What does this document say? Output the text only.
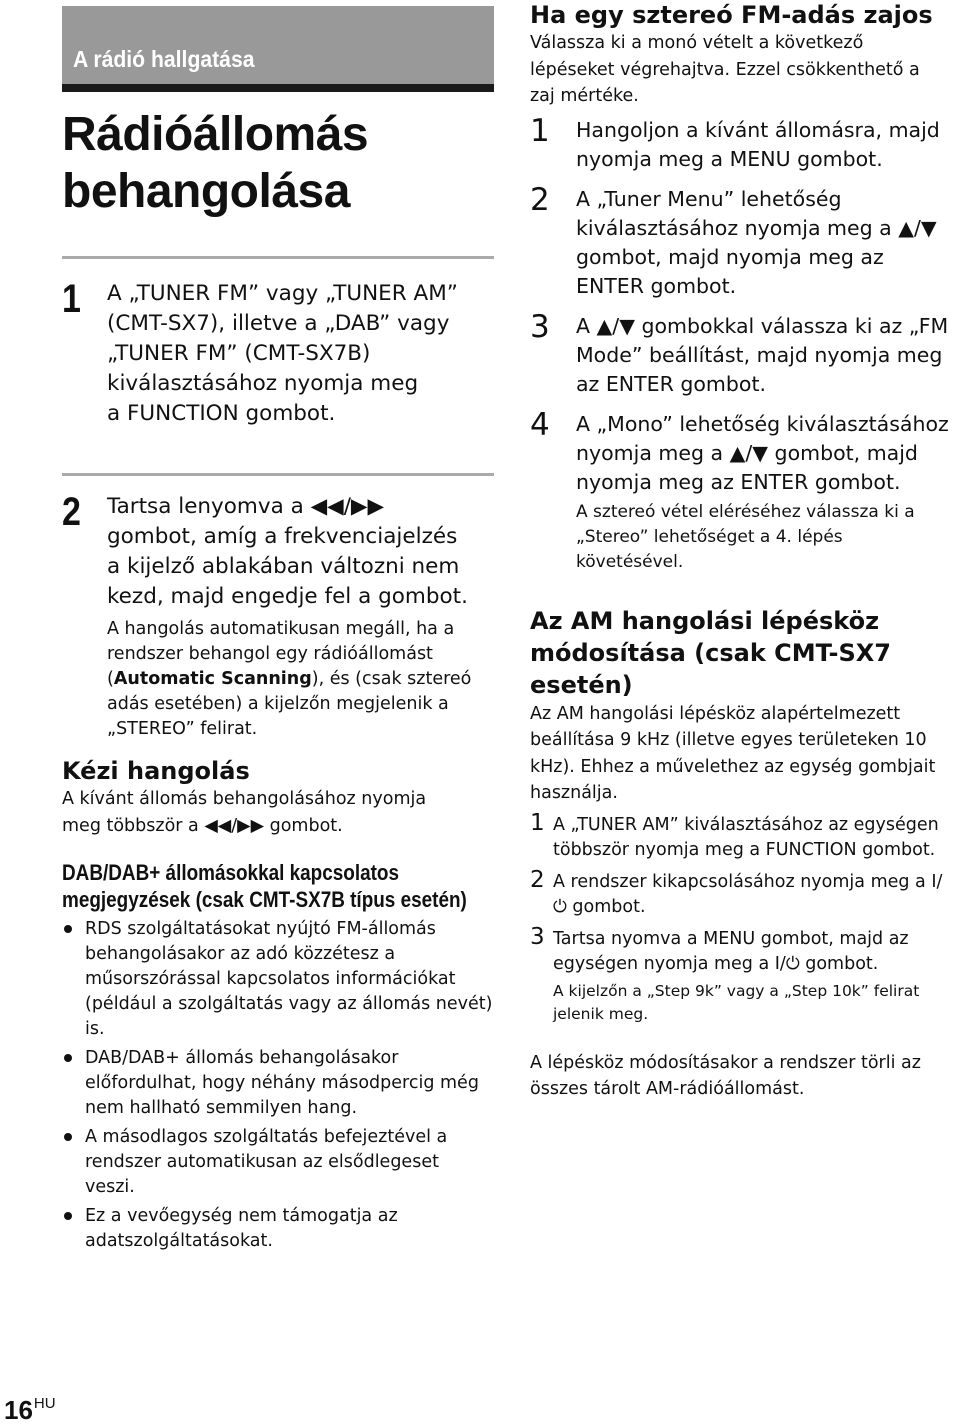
A rádió hallgatása
Rádióállomás
behangolása
1 A „TUNER FM” vagy „TUNER AM”
(CMT-SX7), illetve a „DAB” vagy
„TUNER FM” (CMT-SX7B)
kiválasztásához nyomja meg
a FUNCTION gombot.
2 Tartsa lenyomva a ◀◀/▶▶
gombot, amíg a frekvenciajelzés
a kijelző ablakában változni nem
kezd, majd engedje fel a gombot.
A hangolás automatikusan megáll, ha a rendszer behangol egy rádióállomást (Automatic Scanning), és (csak sztereó adás esetében) a kijelzőn megjelenik a „STEREO” felirat.
Kézi hangolás
A kívánt állomás behangolásához nyomja
meg többször a ◀◀/▶▶ gombot.
DAB/DAB+ állomásokkal kapcsolatos
megjegyzések (csak CMT-SX7B típus esetén)
RDS szolgáltatásokat nyújtó FM-állomás behangolásakor az adó közzétesz a műsorszórással kapcsolatos információkat (például a szolgáltatás vagy az állomás nevét) is.
DAB/DAB+ állomás behangolásakor előfordulhat, hogy néhány másodpercig még nem hallható semmilyen hang.
A másodlagos szolgáltatás befejeztével a rendszer automatikusan az elsődlegeset veszi.
Ez a vevőegység nem támogatja az adatszolgáltatásokat.
Ha egy sztereó FM-adás zajos
Válassza ki a monó vételt a következő lépéseket végrehajtva. Ezzel csökkenthető a zaj mértéke.
1 Hangoljon a kívánt állomásra, majd nyomja meg a MENU gombot.
2 A „Tuner Menu” lehetőség kiválasztásához nyomja meg a ▲/▼ gombot, majd nyomja meg az ENTER gombot.
3 A ▲/▼ gombokkal válassza ki az „FM Mode” beállítást, majd nyomja meg az ENTER gombot.
4 A „Mono” lehetőség kiválasztásához nyomja meg a ▲/▼ gombot, majd nyomja meg az ENTER gombot.
A sztereó vétel eléréséhez válassza ki a „Stereo” lehetőséget a 4. lépés követésével.
Az AM hangolási lépésköz
módosítása (csak CMT-SX7
esetén)
Az AM hangolási lépésköz alapértelmezett beállítása 9 kHz (illetve egyes területeken 10 kHz). Ehhez a művelethez az egység gombjait használja.
1 A „TUNER AM” kiválasztásához az egységen többször nyomja meg a FUNCTION gombot.
2 A rendszer kikapcsolásához nyomja meg a I/⏻ gombot.
3 Tartsa nyomva a MENU gombot, majd az egységen nyomja meg a I/⏻ gombot.
A kijelzőn a „Step 9k” vagy a „Step 10k” felirat jelenik meg.
A lépésköz módosításakor a rendszer törli az összes tárolt AM-rádióállomást.
16HU
